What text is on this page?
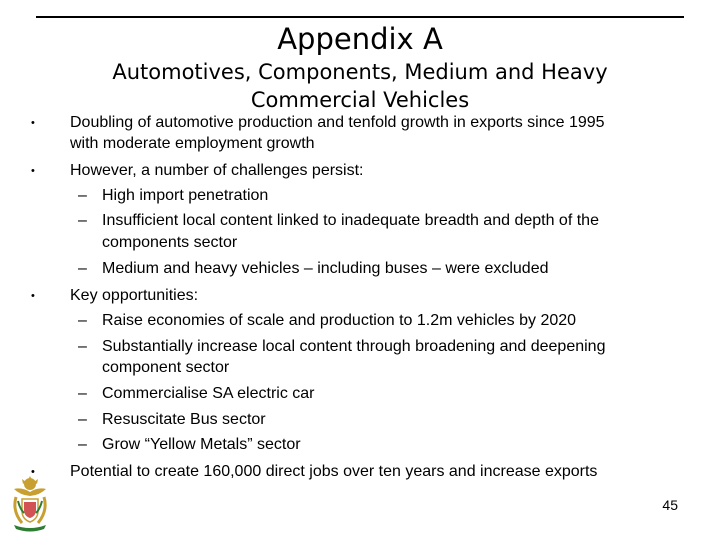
Appendix A
Automotives, Components, Medium and Heavy
Commercial Vehicles
• Doubling of automotive production and tenfold growth in exports since 1995
with moderate employment growth
• However, a number of challenges persist:
– High import penetration
– Insufficient local content linked to inadequate breadth and depth of the
components sector
– Medium and heavy vehicles – including buses – were excluded
• Key opportunities:
– Raise economies of scale and production to 1.2m vehicles by 2020
– Substantially increase local content through broadening and deepening
component sector
– Commercialise SA electric car
– Resuscitate Bus sector
– Grow “Yellow Metals” sector
• Potential to create 160,000 direct jobs over ten years and increase exports
45
